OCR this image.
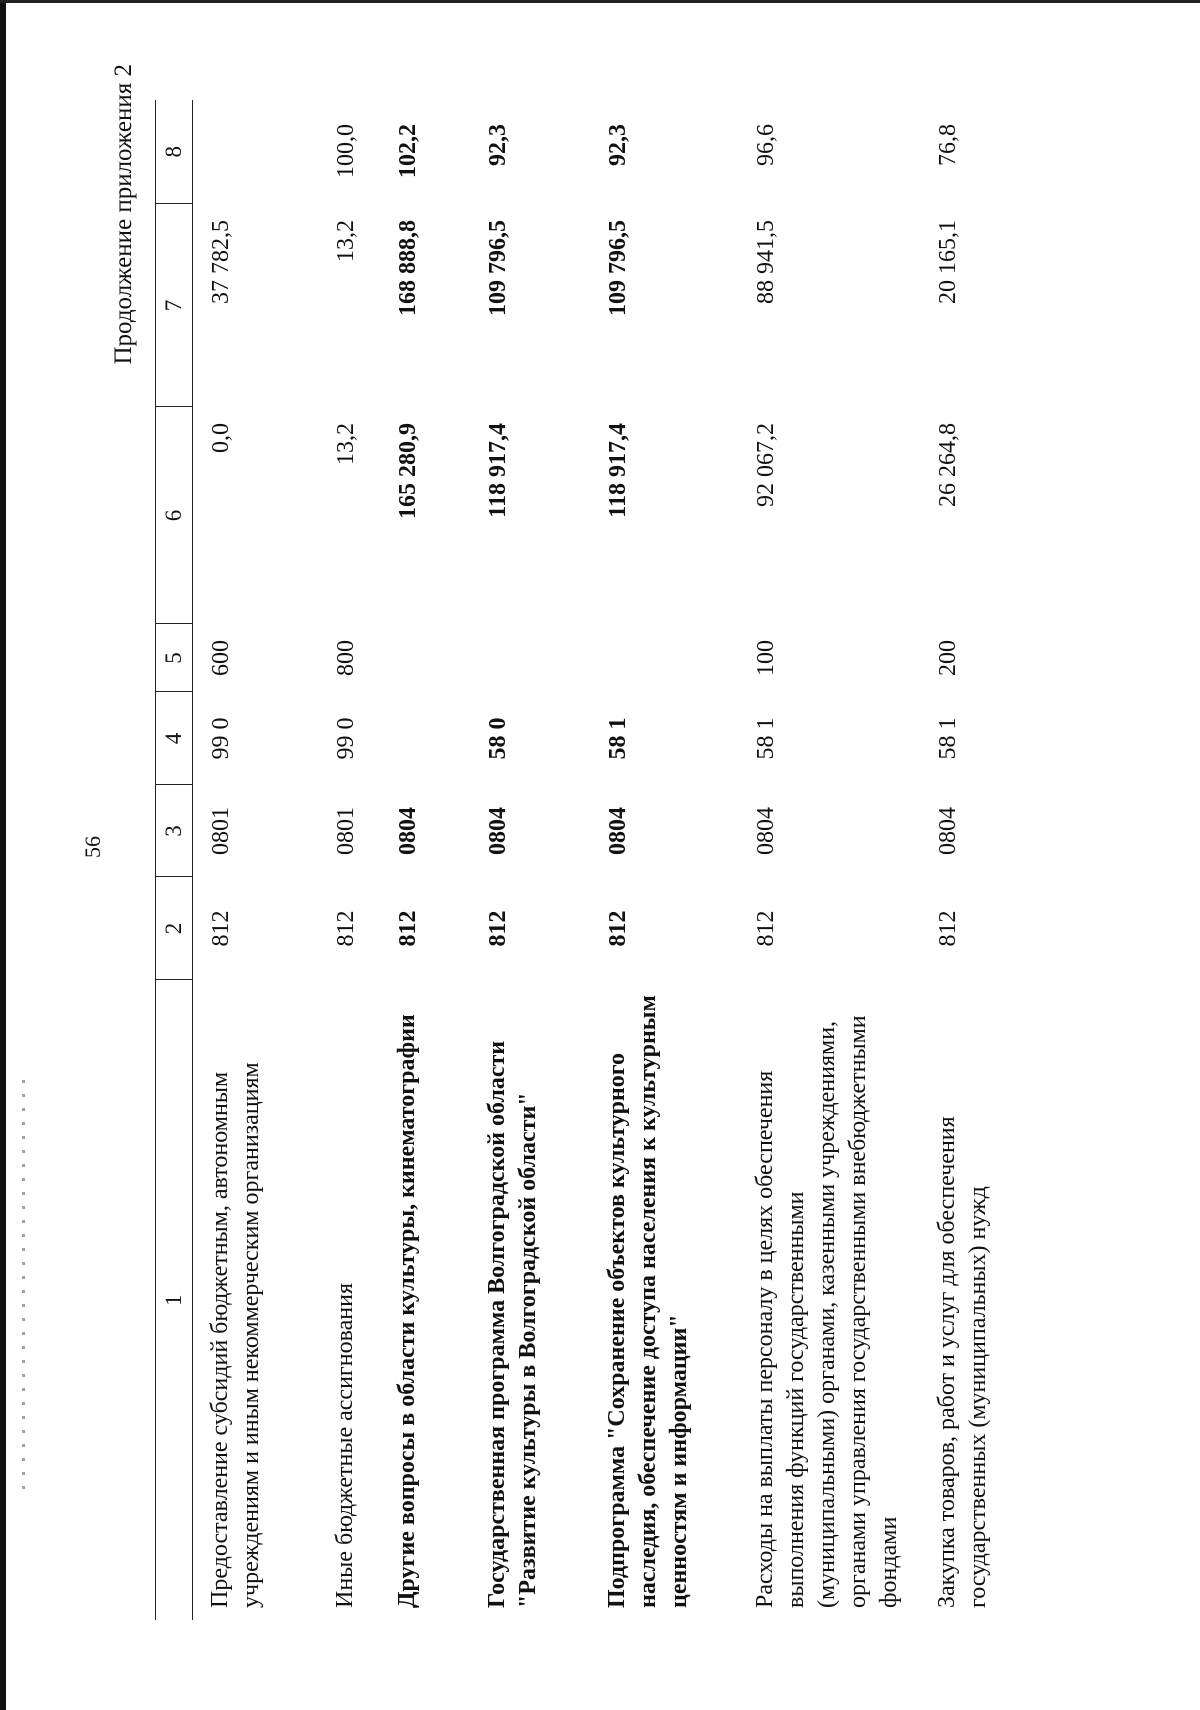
56
Продолжение приложения 2
1	2	3	4	5	6	7	8
Предоставление субсидий бюджетным, автономным учреждениям и иным некоммерческим организациям	812	0801	99 0	600	0,0	37 782,5	
Иные бюджетные ассигнования	812	0801	99 0	800	13,2	13,2	100,0
Другие вопросы в области культуры, кинематографии	812	0804			165 280,9	168 888,8	102,2
Государственная программа Волгоградской области "Развитие культуры в Волгоградской области"	812	0804	58 0		118 917,4	109 796,5	92,3
Подпрограмма "Сохранение объектов культурного наследия, обеспечение доступа населения к культурным ценностям и информации"	812	0804	58 1		118 917,4	109 796,5	92,3
Расходы на выплаты персоналу в целях обеспечения выполнения функций государственными (муниципальными) органами, казенными учреждениями, органами управления государственными внебюджетными фондами	812	0804	58 1	100	92 067,2	88 941,5	96,6
Закупка товаров, работ и услуг для обеспечения государственных (муниципальных) нужд	812	0804	58 1	200	26 264,8	20 165,1	76,8
